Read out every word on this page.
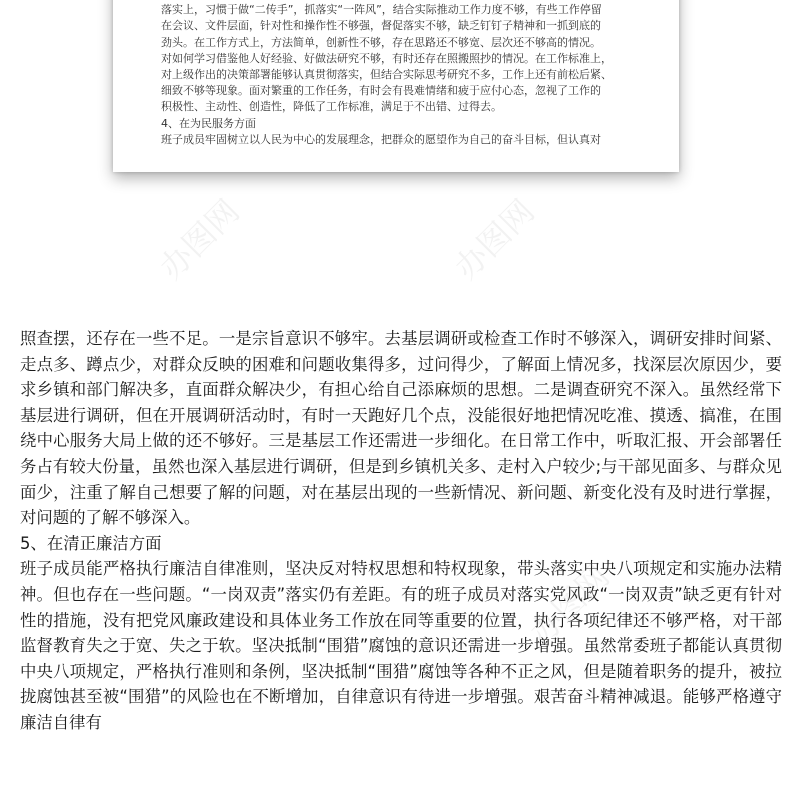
落实上，习惯于做“二传手”，抓落实“一阵风”，结合实际推动工作力度不够，有些工作停留

在会议、文件层面，针对性和操作性不够强，督促落实不够，缺乏钉钉子精神和一抓到底的

劲头。在工作方式上，方法简单，创新性不够，存在思路还不够宽、层次还不够高的情况。

对如何学习借鉴他人好经验、好做法研究不够，有时还存在照搬照抄的情况。在工作标准上，

对上级作出的决策部署能够认真贯彻落实，但结合实际思考研究不多，工作上还有前松后紧、

细致不够等现象。面对繁重的工作任务，有时会有畏难情绪和疲于应付心态，忽视了工作的

积极性、主动性、创造性，降低了工作标准，满足于不出错、过得去。

4、在为民服务方面

班子成员牢固树立以人民为中心的发展理念，把群众的愿望作为自己的奋斗目标，但认真对

照查摆，还存在一些不足。一是宗旨意识不够牢。去基层调研或检查工作时不够深入，调研安排时间紧、走点多、蹲点少，对群众反映的困难和问题收集得多，过问得少，了解面上情况多，找深层次原因少，要求乡镇和部门解决多，直面群众解决少，有担心给自己添麻烦的思想。二是调查研究不深入。虽然经常下基层进行调研，但在开展调研活动时，有时一天跑好几个点，没能很好地把情况吃准、摸透、搞准，在围绕中心服务大局上做的还不够好。三是基层工作还需进一步细化。在日常工作中，听取汇报、开会部署任务占有较大份量，虽然也深入基层进行调研，但是到乡镇机关多、走村入户较少;与干部见面多、与群众见面少，注重了解自己想要了解的问题，对在基层出现的一些新情况、新问题、新变化没有及时进行掌握，对问题的了解不够深入。

5、在清正廉洁方面

班子成员能严格执行廉洁自律准则，坚决反对特权思想和特权现象，带头落实中央八项规定和实施办法精神。但也存在一些问题。“一岗双责”落实仍有差距。有的班子成员对落实党风政“一岗双责”缺乏更有针对性的措施，没有把党风廉政建设和具体业务工作放在同等重要的位置，执行各项纪律还不够严格，对干部监督教育失之于宽、失之于软。坚决抵制“围猎”腐蚀的意识还需进一步增强。虽然常委班子都能认真贯彻中央八项规定，严格执行准则和条例，坚决抵制“围猎”腐蚀等各种不正之风，但是随着职务的提升，被拉拢腐蚀甚至被“围猎”的风险也在不断增加，自律意识有待进一步增强。艰苦奋斗精神减退。能够严格遵守廉洁自律有

办图网	办图网
办图网
